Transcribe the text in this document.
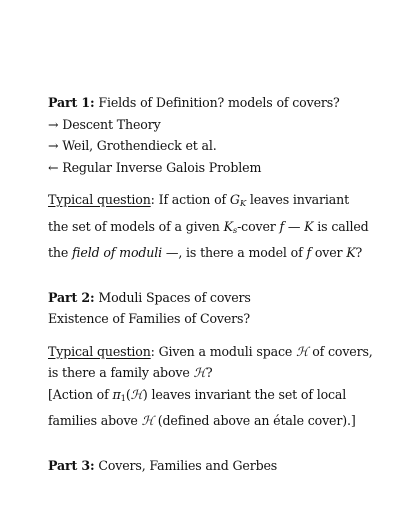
Part 1: Fields of Definition? models of covers?
→ Descent Theory
→ Weil, Grothendieck et al.
← Regular Inverse Galois Problem
Typical question: If action of $G_K$ leaves invariant
the set of models of a given $K_s$-cover f — K is called
the field of moduli —, is there a model of f over K?
Part 2: Moduli Spaces of covers
Existence of Families of Covers?
Typical question: Given a moduli space ℋ of covers,
is there a family above ℋ?
[Action of $\pi_1(ℋ)$ leaves invariant the set of local
families above ℋ (defined above an étale cover).]
Part 3: Covers, Families and Gerbes
